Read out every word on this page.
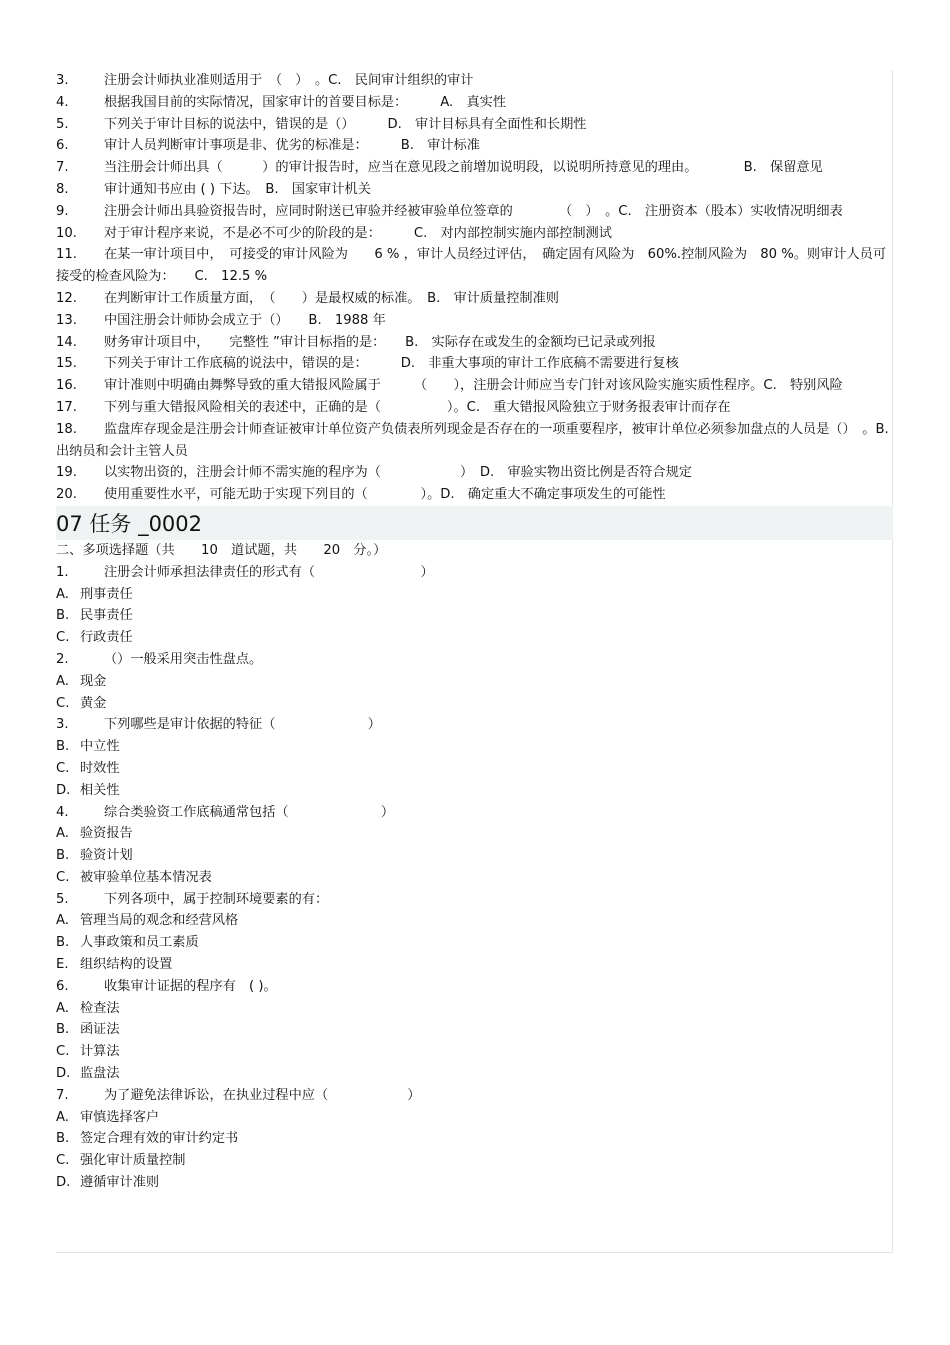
3.	注册会计师执业准则适用于　（　）　。C.　民间审计组织的审计
4.	根据我国目前的实际情况，国家审计的首要目标是：　　　A.　真实性
5.	下列关于审计目标的说法中，错误的是（）　　　D.　审计目标具有全面性和长期性
6.	审计人员判断审计事项是非、优劣的标准是：　　　B.　审计标准
7.	当注册会计师出具（　　　）的审计报告时，应当在意见段之前增加说明段，以说明所持意见的理由。　　　　B.　保留意见
8.	审计通知书应由 ( ) 下达。　B.　国家审计机关
9.	注册会计师出具验资报告时，应同时附送已审验并经被审验单位签章的　　　　（　）　。C.　注册资本（股本）实收情况明细表
10. 对于审计程序来说，不是必不可少的阶段的是：　　　C.　对内部控制实施内部控制测试
11. 在某一审计项目中，　可接受的审计风险为　　6 % ，审计人员经过评估，　确定固有风险为　60%.控制风险为　80 %。则审计人员可接受的检查风险为：　　C.　12.5 %
12. 在判断审计工作质量方面，　（　　）是最权威的标准。　B.　审计质量控制准则
13. 中国注册会计师协会成立于（）　　B.　1988 年
14. 财务审计项目中，　　完整性 ”审计目标指的是：　　B.　实际存在或发生的金额均已记录或列报
15. 下列关于审计工作底稿的说法中，错误的是：　　　D.　非重大事项的审计工作底稿不需要进行复核
16. 审计准则中明确由舞弊导致的重大错报风险属于　　　（　　），注册会计师应当专门针对该风险实施实质性程序。C.　特别风险
17. 下列与重大错报风险相关的表述中，正确的是（　　　　　）。C.　重大错报风险独立于财务报表审计而存在
18. 监盘库存现金是注册会计师查证被审计单位资产负债表所列现金是否存在的一项重要程序，被审计单位必须参加盘点的人员是（）　。B.　出纳员和会计主管人员
19. 以实物出资的，注册会计师不需实施的程序为（　　　　　　）　D.　审验实物出资比例是否符合规定
20. 使用重要性水平，可能无助于实现下列目的（　　　　）。D.　确定重大不确定事项发生的可能性
07 任务 _0002
二、多项选择题（共　　10　道试题，共　　20　分。）
1.	注册会计师承担法律责任的形式有（　　　　　　　　）
A. 刑事责任
B. 民事责任
C. 行政责任
2.	（）一般采用突击性盘点。
A. 现金
C. 黄金
3.	下列哪些是审计依据的特征（　　　　　　　）
B. 中立性
C. 时效性
D. 相关性
4.	综合类验资工作底稿通常包括（　　　　　　　）
A. 验资报告
B. 验资计划
C. 被审验单位基本情况表
5.	下列各项中，属于控制环境要素的有：
A. 管理当局的观念和经营风格
B. 人事政策和员工素质
E. 组织结构的设置
6.	收集审计证据的程序有　( )。
A. 检查法
B. 函证法
C. 计算法
D. 监盘法
7.	为了避免法律诉讼，在执业过程中应（　　　　　　）
A. 审慎选择客户
B. 签定合理有效的审计约定书
C. 强化审计质量控制
D. 遵循审计准则
